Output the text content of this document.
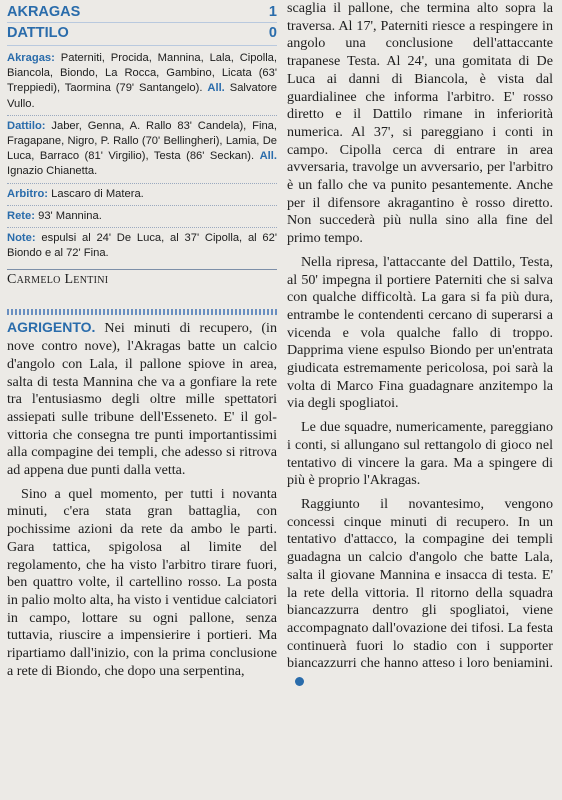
AKRAGAS	1
DATTILO	0

Akragas: Paterniti, Procida, Mannina, Lala, Cipolla, Biancola, Biondo, La Rocca, Gambino, Licata (63' Treppiedi), Taormina (79' Santangelo). All. Salvatore Vullo.

Dattilo: Jaber, Genna, A. Rallo 83' Candela), Fina, Fragapane, Nigro, P. Rallo (70' Bellingheri), Lamia, De Luca, Barraco (81' Virgilio), Testa (86' Seckan). All. Ignazio Chianetta.

Arbitro: Lascaro di Matera.

Rete: 93' Mannina.

Note: espulsi al 24' De Luca, al 37' Cipolla, al 62' Biondo e al 72' Fina.

Carmelo Lentini

AGRIGENTO. Nei minuti di recupero, (in nove contro nove), l'Akragas batte un calcio d'angolo con Lala, il pallone spiove in area, salta di testa Mannina che va a gonfiare la rete tra l'entusiasmo degli oltre mille spettatori assiepati sulle tribune dell'Esseneto. E' il gol-vittoria che consegna tre punti importantissimi alla compagine dei templi, che adesso si ritrova ad appena due punti dalla vetta.

Sino a quel momento, per tutti i novanta minuti, c'era stata gran battaglia, con pochissime azioni da rete da ambo le parti. Gara tattica, spigolosa al limite del regolamento, che ha visto l'arbitro tirare fuori, ben quattro volte, il cartellino rosso. La posta in palio molto alta, ha visto i ventidue calciatori in campo, lottare su ogni pallone, senza tuttavia, riuscire a impensierire i portieri. Ma ripartiamo dall'inizio, con la prima conclusione a rete di Biondo, che dopo una serpentina,

scaglia il pallone, che termina alto sopra la traversa. Al 17', Paterniti riesce a respingere in angolo una conclusione dell'attaccante trapanese Testa. Al 24', una gomitata di De Luca ai danni di Biancola, è vista dal guardialinee che informa l'arbitro. E' rosso diretto e il Dattilo rimane in inferiorità numerica. Al 37', si pareggiano i conti in campo. Cipolla cerca di entrare in area avversaria, travolge un avversario, per l'arbitro è un fallo che va punito pesantemente. Anche per il difensore akragantino è rosso diretto. Non succederà più nulla sino alla fine del primo tempo.

Nella ripresa, l'attaccante del Dattilo, Testa, al 50' impegna il portiere Paterniti che si salva con qualche difficoltà. La gara si fa più dura, entrambe le contendenti cercano di superarsi a vicenda e vola qualche fallo di troppo. Dapprima viene espulso Biondo per un'entrata giudicata estremamente pericolosa, poi sarà la volta di Marco Fina guadagnare anzitempo la via degli spogliatoi.

Le due squadre, numericamente, pareggiano i conti, si allungano sul rettangolo di gioco nel tentativo di vincere la gara. Ma a spingere di più è proprio l'Akragas.

Raggiunto il novantesimo, vengono concessi cinque minuti di recupero. In un tentativo d'attacco, la compagine dei templi guadagna un calcio d'angolo che batte Lala, salta il giovane Mannina e insacca di testa. E' la rete della vittoria. Il ritorno della squadra biancazzurra dentro gli spogliatoi, viene accompagnato dall'ovazione dei tifosi. La festa continuerà fuori lo stadio con i supporter biancazzurri che hanno atteso i loro beniamini.
